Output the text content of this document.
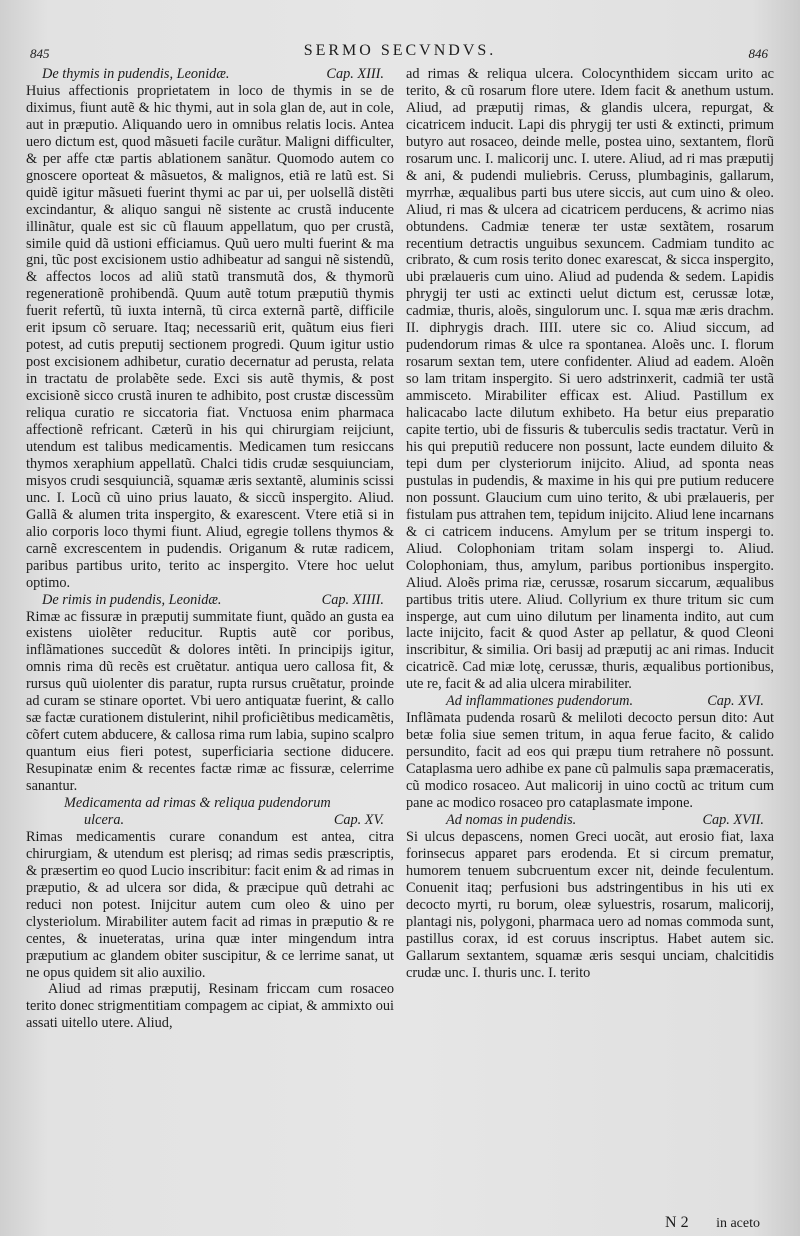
845	SERMO SECVNDVS.	846

De thymis in pudendis, Leonidæ.	Cap. XIII.

Huius affectionis proprietatem in loco de thymis in se de diximus, fiunt autẽ & hic thymi, aut in sola glan de, aut in cole, aut in præputio. Aliquando uero in omnibus relatis locis. Antea uero dictum est, quod mãsueti facile curãtur. Maligni difficulter, & per affe ctæ partis ablationem sanãtur. Quomodo autem co gnoscere oporteat & mãsuetos, & malignos, etiã re latũ est. Si quidẽ igitur mãsueti fuerint thymi ac par ui, per uolsellã distẽti excindantur, & aliquo sangui nẽ sistente ac crustã inducente illinãtur, quale est sic cũ flauum appellatum, quo per crustã, simile quid dã ustioni efficiamus. Quũ uero multi fuerint & ma gni, tũc post excisionem ustio adhibeatur ad sangui nẽ sistendũ, & affectos locos ad aliũ statũ transmutã dos, & thymorũ regenerationẽ prohibendã. Quum autẽ totum præputiũ thymis fuerit refertũ, tũ iuxta internã, tũ circa externã partẽ, difficile erit ipsum cõ seruare. Itaq; necessariũ erit, quãtum eius fieri potest, ad cutis preputij sectionem progredi. Quum igitur ustio post excisionem adhibetur, curatio decernatur ad perusta, relata in tractatu de prolabẽte sede. Exci sis autẽ thymis, & post excisionẽ sicco crustã inuren te adhibito, post crustæ discessũm reliqua curatio re siccatoria fiat. Vnctuosa enim pharmaca affectionẽ refricant. Cæterũ in his qui chirurgiam reijciunt, utendum est talibus medicamentis. Medicamen tum resiccans thymos xeraphium appellatũ. Chalci tidis crudæ sesquiunciam, misyos crudi sesquiunciã, squamæ æris sextantẽ, aluminis scissi unc. I. Locũ cũ uino prius lauato, & siccũ inspergito. Aliud. Gallã & alumen trita inspergito, & exarescent. Vtere etiã si in alio corporis loco thymi fiunt. Aliud, egregie tollens thymos & carnẽ excrescentem in pudendis. Origanum & rutæ radicem, paribus partibus urito, terito ac inspergito. Vtere hoc uelut optimo.

De rimis in pudendis, Leonidæ.	Cap. XIIII.

Rimæ ac fissuræ in præputij summitate fiunt, quãdo an gusta ea existens uiolẽter reducitur. Ruptis autẽ cor poribus, inflãmationes succedũt & dolores intẽti. In principijs igitur, omnis rima dũ recẽs est cruẽtatur. antiqua uero callosa fit, & rursus quũ uiolenter dis paratur, rupta rursus cruẽtatur, proinde ad curam se stinare oportet. Vbi uero antiquatæ fuerint, & callo sæ factæ curationem distulerint, nihil proficiẽtibus medicamẽtis, cõfert cutem abducere, & callosa rima rum labia, supino scalpro quantum eius fieri potest, superficiaria sectione diducere. Resupinatæ enim & recentes factæ rimæ ac fissuræ, celerrime sanantur.

Medicamenta ad rimas & reliqua pudendorum

ulcera.	Cap. XV.

Rimas medicamentis curare conandum est antea, citra chirurgiam, & utendum est plerisq; ad rimas sedis præscriptis, & præsertim eo quod Lucio inscribitur: facit enim & ad rimas in præputio, & ad ulcera sor dida, & præcipue quũ detrahi ac reduci non potest. Inijcitur autem cum oleo & uino per clysteriolum. Mirabiliter autem facit ad rimas in præputio & re centes, & inueteratas, urina quæ inter mingendum intra præputium ac glandem obiter suscipitur, & ce lerrime sanat, ut ne opus quidem sit alio auxilio.

Aliud ad rimas præputij, Resinam friccam cum rosaceo terito donec strigmentitiam compagem ac cipiat, & ammixto oui assati uitello utere. Aliud,

ad rimas & reliqua ulcera. Colocynthidem siccam urito ac terito, & cũ rosarum flore utere. Idem facit & anethum ustum. Aliud, ad præputij rimas, & glandis ulcera, repurgat, & cicatricem inducit. Lapi dis phrygij ter usti & extincti, primum butyro aut rosaceo, deinde melle, postea uino, sextantem, florũ rosarum unc. I. malicorij unc. I. utere. Aliud, ad ri mas præputij & ani, & pudendi muliebris. Ceruss, plumbaginis, gallarum, myrrhæ, æqualibus parti bus utere siccis, aut cum uino & oleo. Aliud, ri mas & ulcera ad cicatricem perducens, & acrimo nias obtundens. Cadmiæ teneræ ter ustæ sextãtem, rosarum recentium detractis unguibus sexuncem. Cadmiam tundito ac cribrato, & cum rosis terito donec exarescat, & sicca inspergito, ubi prælaueris cum uino. Aliud ad pudenda & sedem. Lapidis phrygij ter usti ac extincti uelut dictum est, cerussæ lotæ, cadmiæ, thuris, aloẽs, singulorum unc. I. squa mæ æris drachm. II. diphrygis drach. IIII. utere sic co. Aliud siccum, ad pudendorum rimas & ulce ra spontanea. Aloẽs unc. I. florum rosarum sextan tem, utere confidenter. Aliud ad eadem. Aloẽn so lam tritam inspergito. Si uero adstrinxerit, cadmiã ter ustã ammisceto. Mirabiliter efficax est. Aliud. Pastillum ex halicacabo lacte dilutum exhibeto. Ha betur eius preparatio capite tertio, ubi de fissuris & tuberculis sedis tractatur. Verũ in his qui preputiũ reducere non possunt, lacte eundem diluito & tepi dum per clysteriorum inijcito. Aliud, ad sponta neas pustulas in pudendis, & maxime in his qui pre putium reducere non possunt. Glaucium cum uino terito, & ubi prælaueris, per fistulam pus attrahen tem, tepidum inijcito. Aliud lene incarnans & ci catricem inducens. Amylum per se tritum inspergi to. Aliud. Colophoniam tritam solam inspergi to. Aliud. Colophoniam, thus, amylum, paribus portionibus inspergito. Aliud. Aloẽs prima riæ, cerussæ, rosarum siccarum, æqualibus partibus tritis utere. Aliud. Collyrium ex thure tritum sic cum insperge, aut cum uino dilutum per linamenta indito, aut cum lacte inijcito, facit & quod Aster ap pellatur, & quod Cleoni inscribitur, & similia. Ori basij ad præputij ac ani rimas. Inducit cicatricẽ. Cad miæ lotę, cerussæ, thuris, æqualibus portionibus, ute re, facit & ad alia ulcera mirabiliter.

Ad inflammationes pudendorum.	Cap. XVI.

Inflãmata pudenda rosarũ & meliloti decocto persun dito: Aut betæ folia siue semen tritum, in aqua ferue facito, & calido persundito, facit ad eos qui præpu tium retrahere nõ possunt. Cataplasma uero adhibe ex pane cũ palmulis sapa præmaceratis, cũ modico rosaceo. Aut malicorij in uino coctũ ac tritum cum pane ac modico rosaceo pro cataplasmate impone.

Ad nomas in pudendis.	Cap. XVII.

Si ulcus depascens, nomen Greci uocãt, aut erosio fiat, laxa forinsecus apparet pars erodenda. Et si circum prematur, humorem tenuem subcruentum excer nit, deinde feculentum. Conuenit itaq; perfusioni bus adstringentibus in his uti ex decocto myrti, ru borum, oleæ syluestris, rosarum, malicorij, plantagi nis, polygoni, pharmaca uero ad nomas commoda sunt, pastillus corax, id est coruus inscriptus. Habet autem sic. Gallarum sextantem, squamæ æris sesqui unciam, chalcitidis crudæ unc. I. thuris unc. I. terito

N 2 in aceto
